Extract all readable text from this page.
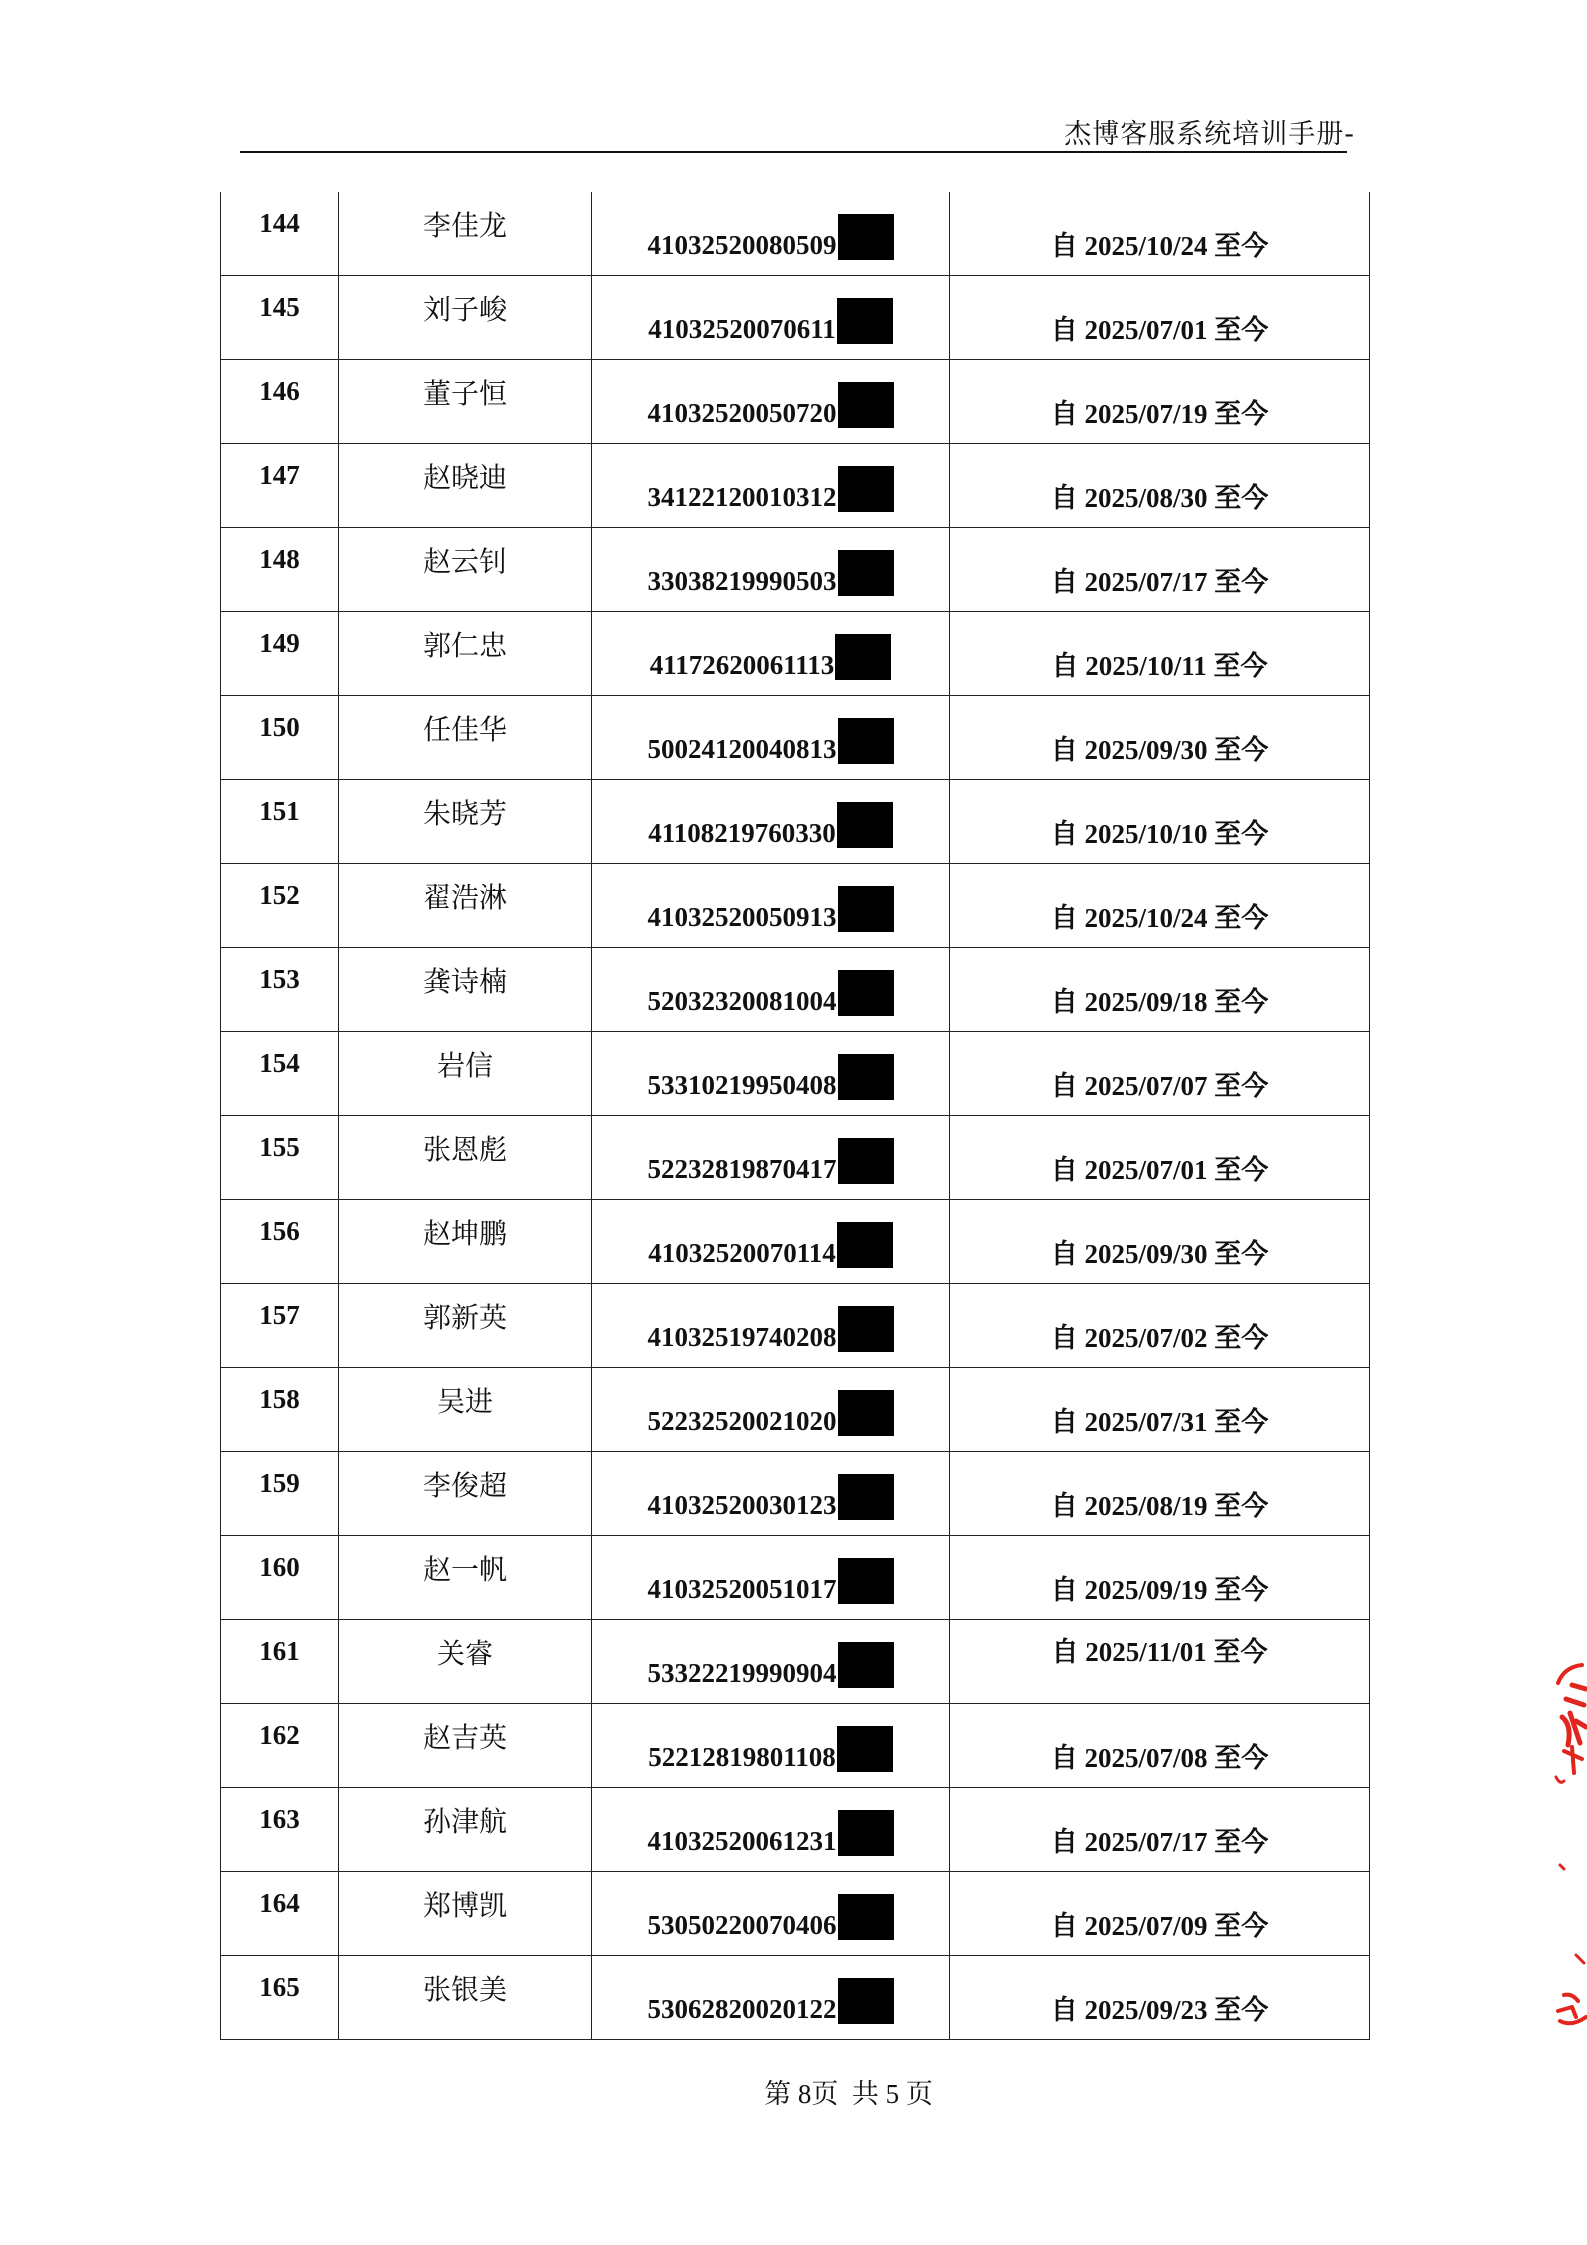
杰博客服系统培训手册-
144	李佳龙	41032520080509	自 2025/10/24 至今
145	刘子峻	41032520070611	自 2025/07/01 至今
146	董子恒	41032520050720	自 2025/07/19 至今
147	赵晓迪	34122120010312	自 2025/08/30 至今
148	赵云钊	33038219990503	自 2025/07/17 至今
149	郭仁忠	41172620061113	自 2025/10/11 至今
150	任佳华	50024120040813	自 2025/09/30 至今
151	朱晓芳	41108219760330	自 2025/10/10 至今
152	翟浩淋	41032520050913	自 2025/10/24 至今
153	龚诗楠	52032320081004	自 2025/09/18 至今
154	岩信	53310219950408	自 2025/07/07 至今
155	张恩彪	52232819870417	自 2025/07/01 至今
156	赵坤鹏	41032520070114	自 2025/09/30 至今
157	郭新英	41032519740208	自 2025/07/02 至今
158	吴进	52232520021020	自 2025/07/31 至今
159	李俊超	41032520030123	自 2025/08/19 至今
160	赵一帆	41032520051017	自 2025/09/19 至今
161	关睿	53322219990904	自 2025/11/01 至今
162	赵吉英	52212819801108	自 2025/07/08 至今
163	孙津航	41032520061231	自 2025/07/17 至今
164	郑博凯	53050220070406	自 2025/07/09 至今
165	张银美	53062820020122	自 2025/09/23 至今
第 8页  共 5 页
